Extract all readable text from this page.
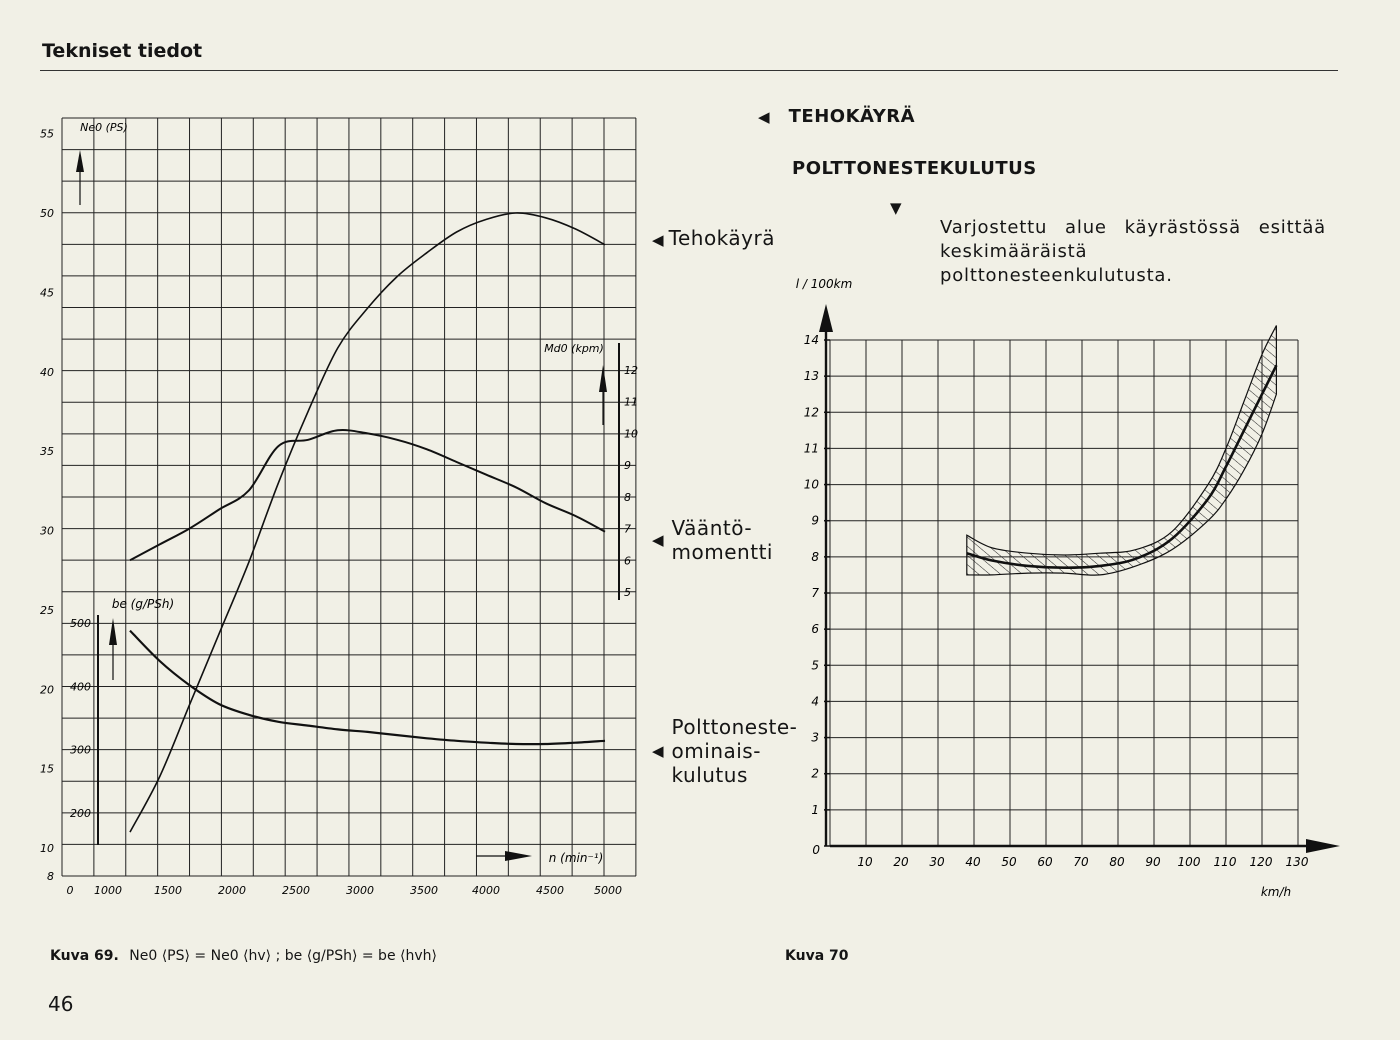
Tekniset tiedot
8
10
15
20
25
30
35
40
45
50
55
5
6
7
8
9
10
11
12
200
300
400
500
0 1000	1500	2000	2500	3000	3500	4000	4500	5000
Ne0 (PS)
Md0 (kpm)
be (g/PSh)
n (min⁻¹)
0
1
2
3
4
5
6
7
8
9
10
11
12
13
14
10 20 30 40 50 60 70 80 90 100 110 120 130
l / 100km
km/h
◀ Tehokäyrä
◀ Vääntö-
momentti
◀
Polttoneste-
ominais-
kulutus
◀ TEHOKÄYRÄ
POLTTONESTEKULUTUS
▼
Varjostettu alue käyrästössä esittää keskimääräistä polttonesteenkulutusta.
Kuva 69. Ne0 ⟨PS⟩ = Ne0 ⟨hv⟩ ; be ⟨g/PSh⟩ = be ⟨hvh⟩	Kuva 70
46
